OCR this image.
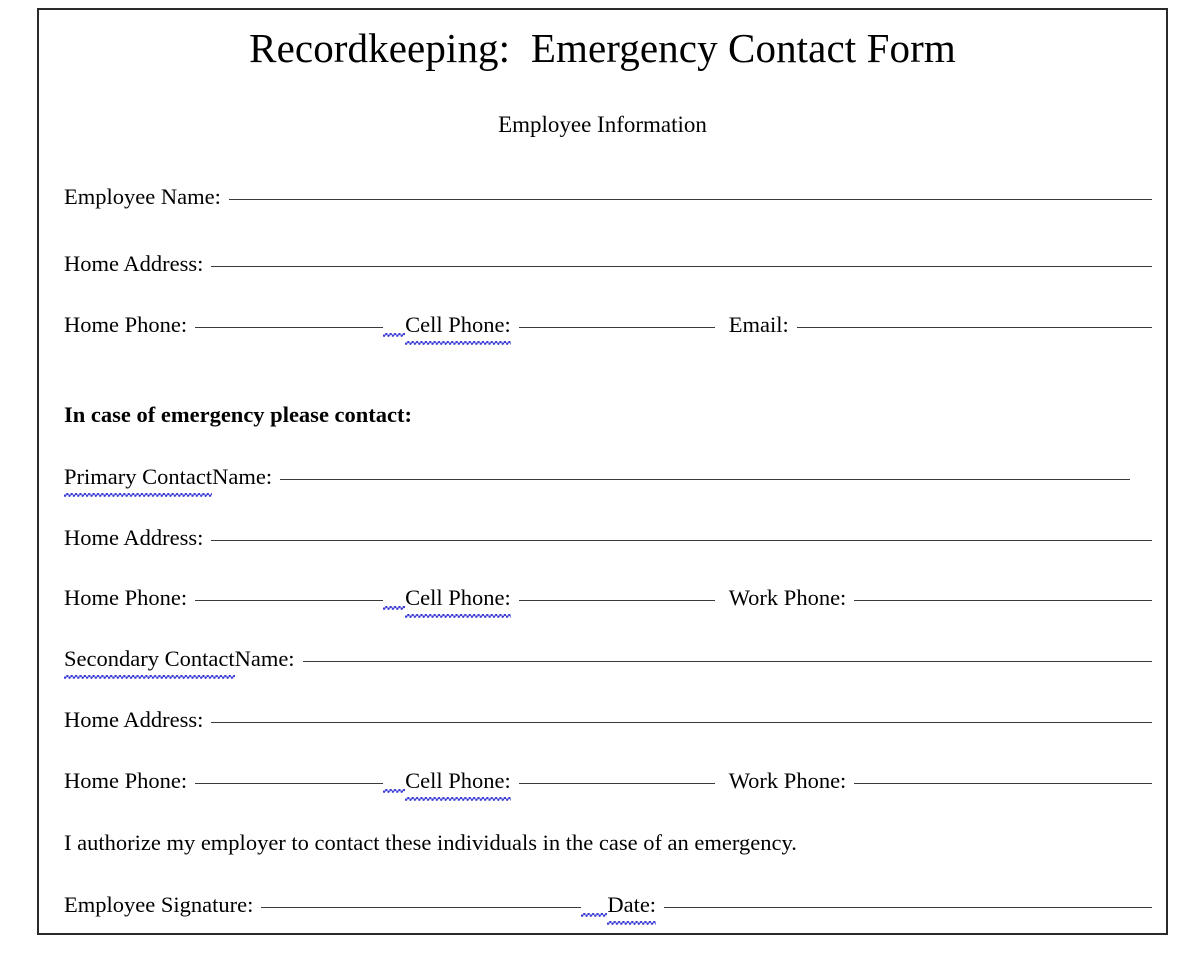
Recordkeeping:  Emergency Contact Form
Employee Information
Employee Name:
Home Address:
Home Phone:	Cell Phone:	Email:
In case of emergency please contact:
Primary Contact Name:
Home Address:
Home Phone:	Cell Phone:	Work Phone:
Secondary Contact Name:
Home Address:
Home Phone:	Cell Phone:	Work Phone:
I authorize my employer to contact these individuals in the case of an emergency.
Employee Signature:	Date:
